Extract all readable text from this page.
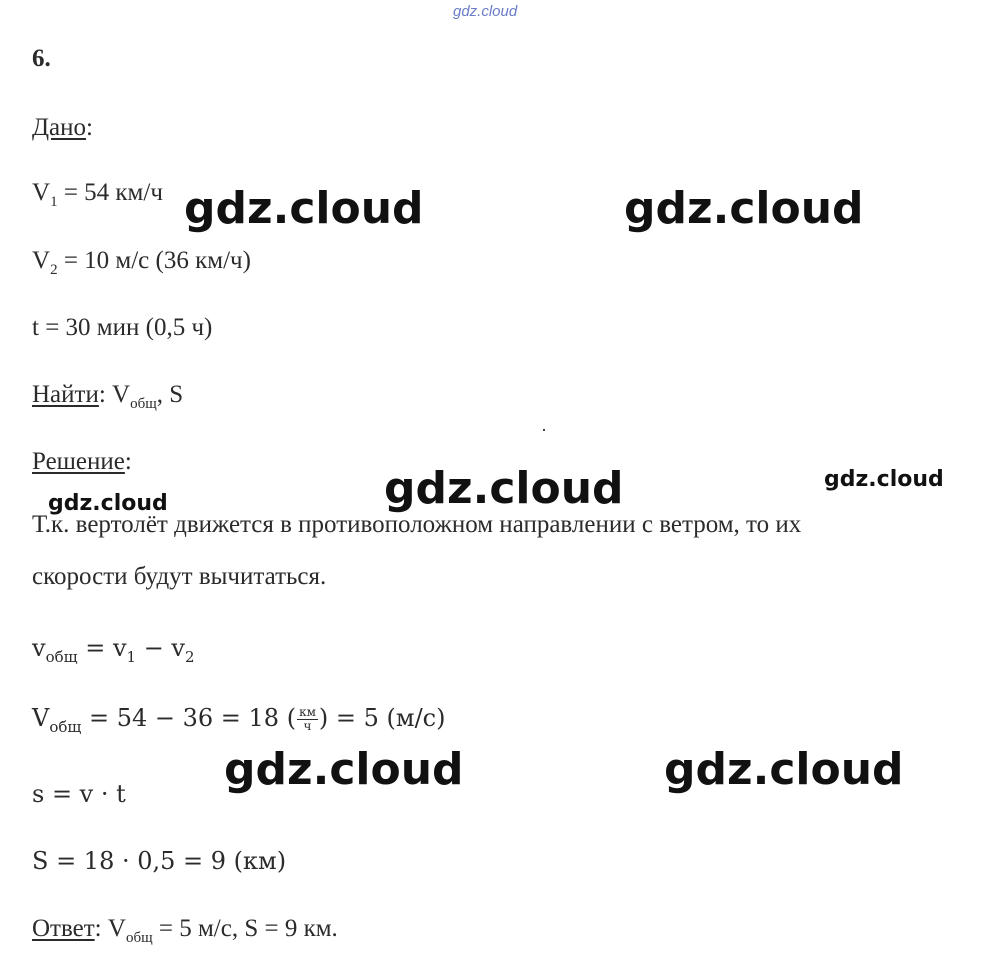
gdz.cloud
6.
Дано:
$V_1 = 54$ км/ч
$V_2 = 10$ м/с (36 км/ч)
t = 30 мин (0,5 ч)
Найти: $V_{общ}$, S
Решение:
Т.к. вертолёт движется в противоположном направлении с ветром, то их
скорости будут вычитаться.
$v_{общ} = v_1 - v_2$
$V_{общ} = 54 - 36 = 18$ ( $\frac{км}{ч}$ ) = 5 (м/с)
s = v · t
S = 18 · 0,5 = 9 (км)
Ответ: $V_{общ} = 5$ м/с, S = 9 км.
gdz.cloud	gdz.cloud
gdz.cloud	gdz.cloud
gdz.cloud
gdz.cloud	gdz.cloud
